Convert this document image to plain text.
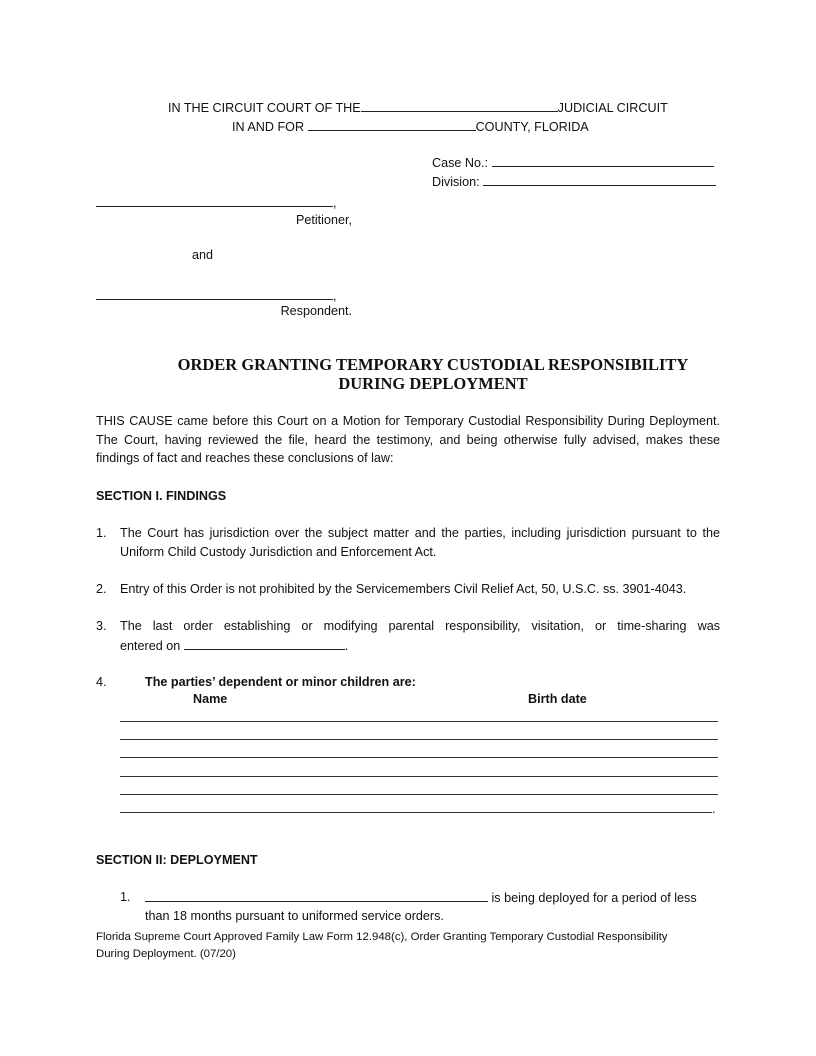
IN THE CIRCUIT COURT OF THE	JUDICIAL CIRCUIT
IN AND FOR	COUNTY, FLORIDA
Case No.:
Division:
,
Petitioner,
and
,
Respondent.
ORDER GRANTING TEMPORARY CUSTODIAL RESPONSIBILITY
DURING DEPLOYMENT
THIS CAUSE came before this Court on a Motion for Temporary Custodial Responsibility During Deployment. The Court, having reviewed the file, heard the testimony, and being otherwise fully advised, makes these findings of fact and reaches these conclusions of law:
SECTION I. FINDINGS
1. The Court has jurisdiction over the subject matter and the parties, including jurisdiction pursuant to the Uniform Child Custody Jurisdiction and Enforcement Act.
2. Entry of this Order is not prohibited by the Servicemembers Civil Relief Act, 50, U.S.C. ss. 3901-4043.
3. The last order establishing or modifying parental responsibility, visitation, or time-sharing was
entered on	.
4.	The parties’ dependent or minor children are:
Name	Birth date
.
SECTION II: DEPLOYMENT
1.	is being deployed for a period of less
than 18 months pursuant to uniformed service orders.
Florida Supreme Court Approved Family Law Form 12.948(c), Order Granting Temporary Custodial Responsibility
During Deployment. (07/20)
